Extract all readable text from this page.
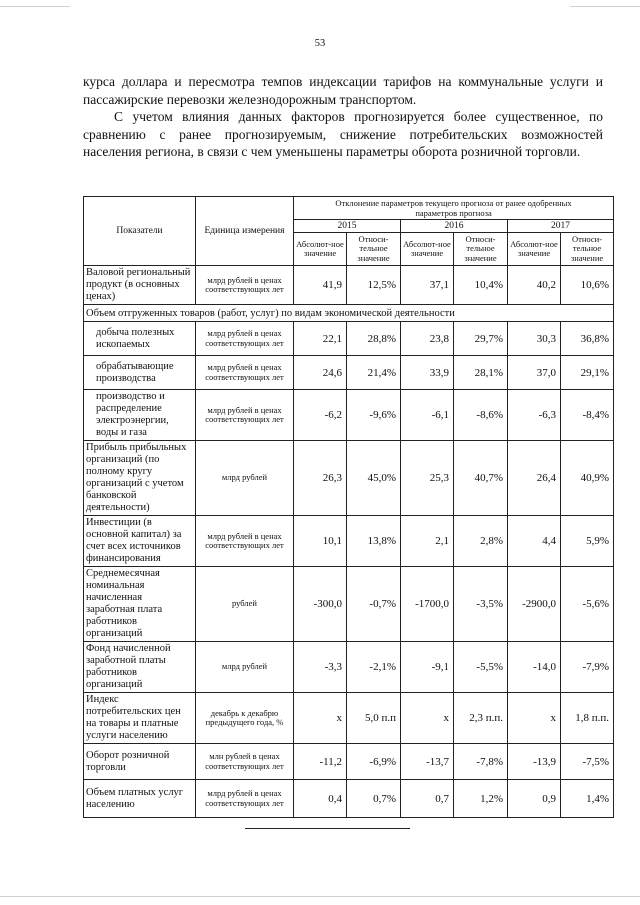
53

курса доллара и пересмотра темпов индексации тарифов на коммунальные услуги и пассажирские перевозки железнодорожным транспортом.

С учетом влияния данных факторов прогнозируется более существенное, по сравнению с ранее прогнозируемым, снижение потребительских возможностей населения региона, в связи с чем уменьшены параметры оборота розничной торговли.

Показатели	Единица измерения	Отклонение параметров текущего прогноза от ранее одобренных параметров прогноза					
		2015		2016		2017	
		Абсолют-ное значение	Относи-тельное значение	Абсолют-ное значение	Относи-тельное значение	Абсолют-ное значение	Относи-тельное значение
Валовой региональный продукт (в основных ценах)	млрд рублей в ценах соответствующих лет	41,9	12,5%	37,1	10,4%	40,2	10,6%
Объем отгруженных товаров (работ, услуг) по видам экономической деятельности							
добыча полезных ископаемых	млрд рублей в ценах соответствующих лет	22,1	28,8%	23,8	29,7%	30,3	36,8%
обрабатывающие производства	млрд рублей в ценах соответствующих лет	24,6	21,4%	33,9	28,1%	37,0	29,1%
производство и распределение электроэнергии, воды и газа	млрд рублей в ценах соответствующих лет	-6,2	-9,6%	-6,1	-8,6%	-6,3	-8,4%
Прибыль прибыльных организаций (по полному кругу организаций с учетом банковской деятельности)	млрд рублей	26,3	45,0%	25,3	40,7%	26,4	40,9%
Инвестиции (в основной капитал) за счет всех источников финансирования	млрд рублей в ценах соответствующих лет	10,1	13,8%	2,1	2,8%	4,4	5,9%
Среднемесячная номинальная начисленная заработная плата работников организаций	рублей	-300,0	-0,7%	-1700,0	-3,5%	-2900,0	-5,6%
Фонд начисленной заработной платы работников организаций	млрд рублей	-3,3	-2,1%	-9,1	-5,5%	-14,0	-7,9%
Индекс потребительских цен на товары и платные услуги населению	декабрь к декабрю предыдущего года, %	x	5,0 п.п	x	2,3 п.п.	x	1,8 п.п.
Оборот розничной торговли	млн рублей в ценах соответствующих лет	-11,2	-6,9%	-13,7	-7,8%	-13,9	-7,5%
Объем платных услуг населению	млрд рублей в ценах соответствующих лет	0,4	0,7%	0,7	1,2%	0,9	1,4%
